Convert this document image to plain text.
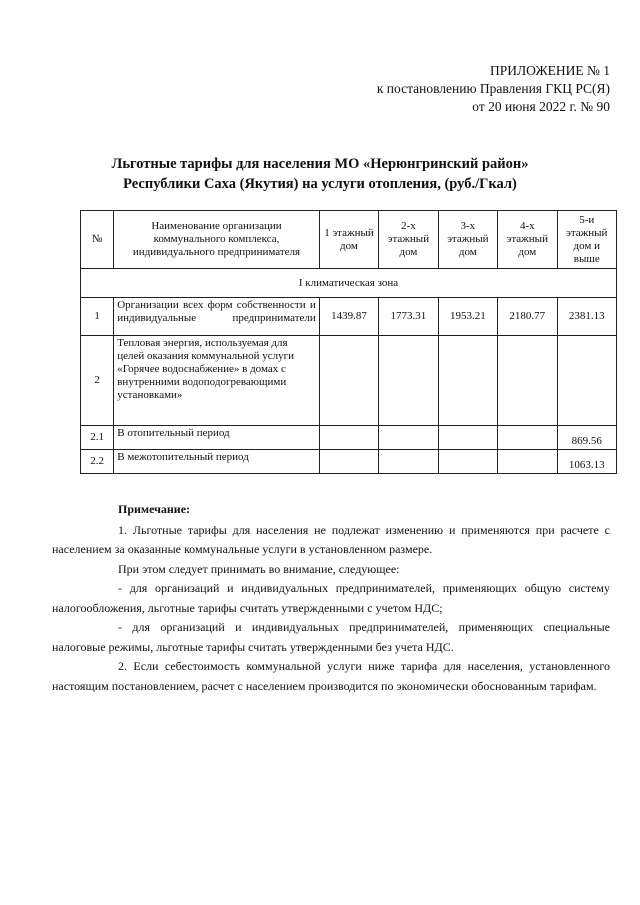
ПРИЛОЖЕНИЕ № 1
к постановлению Правления ГКЦ РС(Я)
от 20 июня 2022 г. № 90
Льготные тарифы для населения МО «Нерюнгринский район»
Республики Саха (Якутия) на услуги отопления, (руб./Гкал)
№	Наименование организации коммунального комплекса, индивидуального предпринимателя	1 этажный дом	2-х этажный дом	3-х этажный дом	4-х этажный дом	5-и этажный дом и выше
I климатическая зона						
1	Организации всех форм собственности и индивидуальные предприниматели	1439.87	1773.31	1953.21	2180.77	2381.13
2	Тепловая энергия, используемая для целей оказания коммунальной услуги «Горячее водоснабжение» в домах с внутренними водоподогревающими установками»					
2.1	В отопительный период					869.56
2.2	В межотопительный период					1063.13
Примечание:

1. Льготные тарифы для населения не подлежат изменению и применяются при расчете с населением за оказанные коммунальные услуги в установленном размере.

При этом следует принимать во внимание, следующее:

- для организаций и индивидуальных предпринимателей, применяющих общую систему налогообложения, льготные тарифы считать утвержденными с учетом НДС;

- для организаций и индивидуальных предпринимателей, применяющих специальные налоговые режимы, льготные тарифы считать утвержденными без учета НДС.

2. Если себестоимость коммунальной услуги ниже тарифа для населения, установленного настоящим постановлением, расчет с населением производится по экономически обоснованным тарифам.
